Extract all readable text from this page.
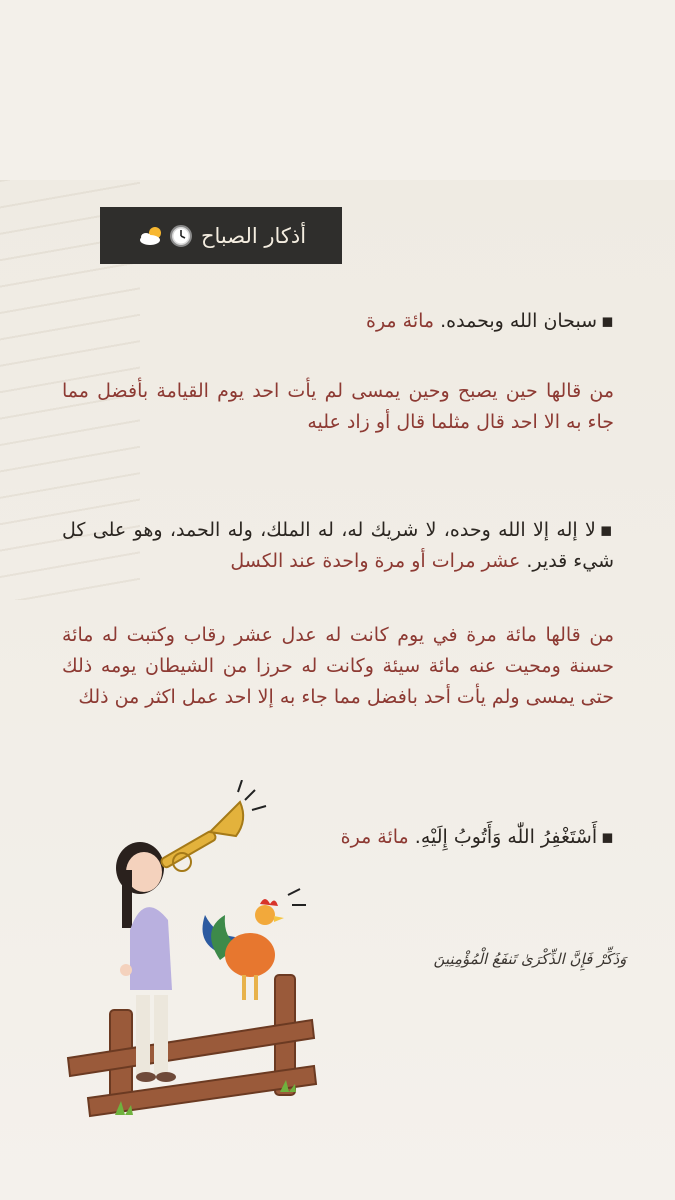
أذكار الصباح
▪ سبحان الله وبحمده. مائة مرة
من قالها حين يصبح وحين يمسى لم يأت احد يوم القيامة بأفضل مما جاء به الا احد قال مثلما قال أو زاد عليه
▪ لا إله إلا الله وحده، لا شريك له، له الملك، وله الحمد، وهو على كل شيء قدير. عشر مرات أو مرة واحدة عند الكسل
من قالها مائة مرة في يوم كانت له عدل عشر رقاب وكتبت له مائة حسنة ومحيت عنه مائة سيئة وكانت له حرزا من الشيطان يومه ذلك حتى يمسى ولم يأت أحد بافضل مما جاء به إلا احد عمل اكثر من ذلك
▪ أَسْتَغْفِرُ اللّٰه وَأَتُوبُ إِلَيْهِ. مائة مرة
وَذَكِّرْ فَإِنَّ الذِّكْرَىٰ تَنفَعُ الْمُؤْمِنِينَ
